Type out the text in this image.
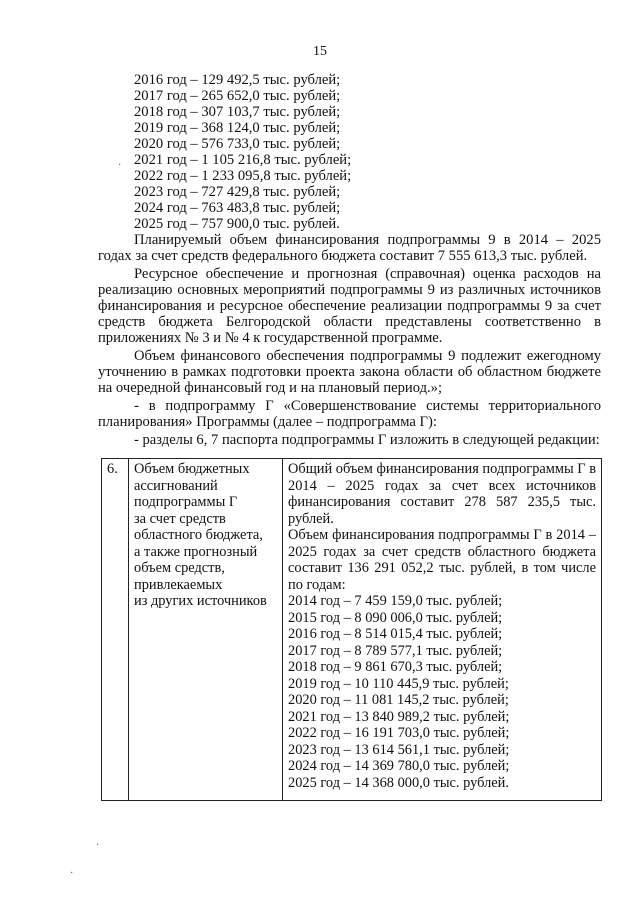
15
·
·
·
2016 год – 129 492,5 тыс. рублей;
2017 год – 265 652,0 тыс. рублей;
2018 год – 307 103,7 тыс. рублей;
2019 год – 368 124,0 тыс. рублей;
2020 год – 576 733,0 тыс. рублей;
2021 год – 1 105 216,8 тыс. рублей;
2022 год – 1 233 095,8 тыс. рублей;
2023 год – 727 429,8 тыс. рублей;
2024 год – 763 483,8 тыс. рублей;
2025 год – 757 900,0 тыс. рублей.

Планируемый объем финансирования подпрограммы 9 в 2014 – 2025 годах за счет средств федерального бюджета составит 7 555 613,3 тыс. рублей.

Ресурсное обеспечение и прогнозная (справочная) оценка расходов на реализацию основных мероприятий подпрограммы 9 из различных источников финансирования и ресурсное обеспечение реализации подпрограммы 9 за счет средств бюджета Белгородской области представлены соответственно в приложениях № 3 и № 4 к государственной программе.

Объем финансового обеспечения подпрограммы 9 подлежит ежегодному уточнению в рамках подготовки проекта закона области об областном бюджете на очередной финансовый год и на плановый период.»;

- в подпрограмму Г «Совершенствование системы территориального планирования» Программы (далее – подпрограмма Г):

- разделы 6, 7 паспорта подпрограммы Г изложить в следующей редакции:

6.	Объем бюджетных
ассигнований
подпрограммы Г
за счет средств
областного бюджета,
а также прогнозный
объем средств,
привлекаемых
из других источников

Общий объем финансирования подпрограммы Г в 2014 – 2025 годах за счет всех источников финансирования составит 278 587 235,5 тыс. рублей.
Объем финансирования подпрограммы Г в 2014 – 2025 годах за счет средств областного бюджета составит 136 291 052,2 тыс. рублей, в том числе по годам:
2014 год – 7 459 159,0 тыс. рублей;
2015 год – 8 090 006,0 тыс. рублей;
2016 год – 8 514 015,4 тыс. рублей;
2017 год – 8 789 577,1 тыс. рублей;
2018 год – 9 861 670,3 тыс. рублей;
2019 год – 10 110 445,9 тыс. рублей;
2020 год – 11 081 145,2 тыс. рублей;
2021 год – 13 840 989,2 тыс. рублей;
2022 год – 16 191 703,0 тыс. рублей;
2023 год – 13 614 561,1 тыс. рублей;
2024 год – 14 369 780,0 тыс. рублей;
2025 год – 14 368 000,0 тыс. рублей.
